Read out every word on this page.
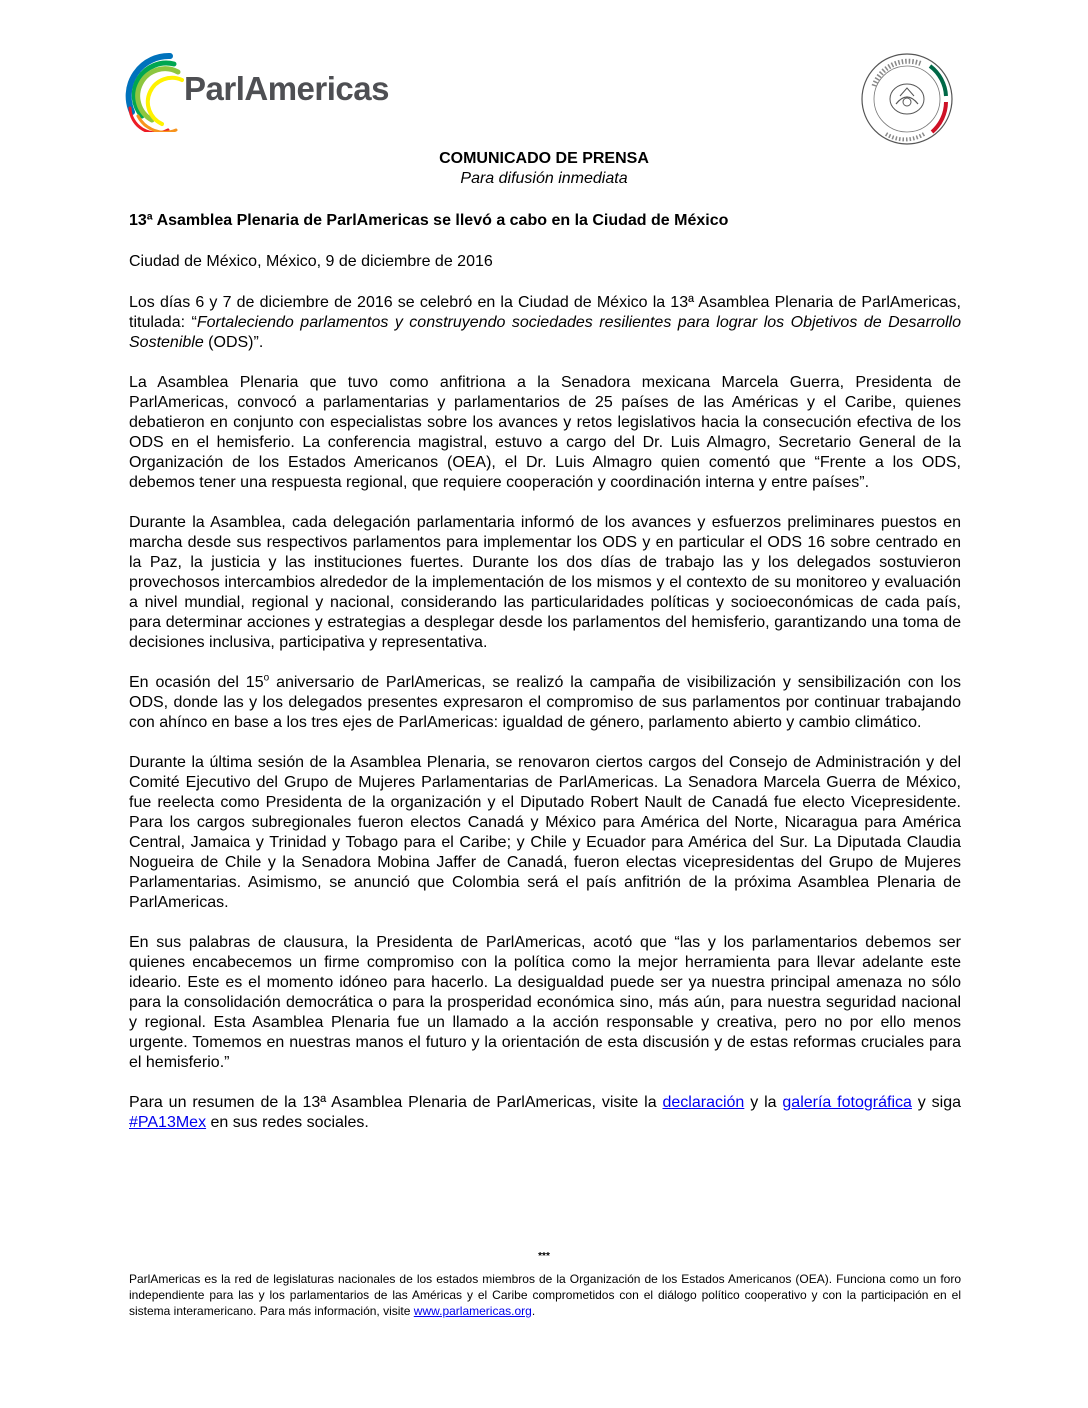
ParlAmericas
COMUNICADO DE PRENSA
Para difusión inmediata
13ª Asamblea Plenaria de ParlAmericas se llevó a cabo en la Ciudad de México

Ciudad de México, México, 9 de diciembre de 2016

Los días 6 y 7 de diciembre de 2016 se celebró en la Ciudad de México la 13ª Asamblea Plenaria de ParlAmericas, titulada: “Fortaleciendo parlamentos y construyendo sociedades resilientes para lograr los Objetivos de Desarrollo Sostenible (ODS)”.

La Asamblea Plenaria que tuvo como anfitriona a la Senadora mexicana Marcela Guerra, Presidenta de ParlAmericas, convocó a parlamentarias y parlamentarios de 25 países de las Américas y el Caribe, quienes debatieron en conjunto con especialistas sobre los avances y retos legislativos hacia la consecución efectiva de los ODS en el hemisferio. La conferencia magistral, estuvo a cargo del Dr. Luis Almagro, Secretario General de la Organización de los Estados Americanos (OEA), el Dr. Luis Almagro quien comentó que “Frente a los ODS, debemos tener una respuesta regional, que requiere cooperación y coordinación interna y entre países”.

Durante la Asamblea, cada delegación parlamentaria informó de los avances y esfuerzos preliminares puestos en marcha desde sus respectivos parlamentos para implementar los ODS y en particular el ODS 16 sobre centrado en la Paz, la justicia y las instituciones fuertes. Durante los dos días de trabajo las y los delegados sostuvieron provechosos intercambios alrededor de la implementación de los mismos y el contexto de su monitoreo y evaluación a nivel mundial, regional y nacional, considerando las particularidades políticas y socioeconómicas de cada país, para determinar acciones y estrategias a desplegar desde los parlamentos del hemisferio, garantizando una toma de decisiones inclusiva, participativa y representativa.

En ocasión del 15$^o$ aniversario de ParlAmericas, se realizó la campaña de visibilización y sensibilización con los ODS, donde las y los delegados presentes expresaron el compromiso de sus parlamentos por continuar trabajando con ahínco en base a los tres ejes de ParlAmericas: igualdad de género, parlamento abierto y cambio climático.

Durante la última sesión de la Asamblea Plenaria, se renovaron ciertos cargos del Consejo de Administración y del Comité Ejecutivo del Grupo de Mujeres Parlamentarias de ParlAmericas. La Senadora Marcela Guerra de México, fue reelecta como Presidenta de la organización y el Diputado Robert Nault de Canadá fue electo Vicepresidente. Para los cargos subregionales fueron electos Canadá y México para América del Norte, Nicaragua para América Central, Jamaica y Trinidad y Tobago para el Caribe; y Chile y Ecuador para América del Sur. La Diputada Claudia Nogueira de Chile y la Senadora Mobina Jaffer de Canadá, fueron electas vicepresidentas del Grupo de Mujeres Parlamentarias. Asimismo, se anunció que Colombia será el país anfitrión de la próxima Asamblea Plenaria de ParlAmericas.

En sus palabras de clausura, la Presidenta de ParlAmericas, acotó que “las y los parlamentarios debemos ser quienes encabecemos un firme compromiso con la política como la mejor herramienta para llevar adelante este ideario. Este es el momento idóneo para hacerlo. La desigualdad puede ser ya nuestra principal amenaza no sólo para la consolidación democrática o para la prosperidad económica sino, más aún, para nuestra seguridad nacional y regional. Esta Asamblea Plenaria fue un llamado a la acción responsable y creativa, pero no por ello menos urgente. Tomemos en nuestras manos el futuro y la orientación de esta discusión y de estas reformas cruciales para el hemisferio.”

Para un resumen de la 13ª Asamblea Plenaria de ParlAmericas, visite la declaración y la galería fotográfica y siga #PA13Mex en sus redes sociales.

***
ParlAmericas es la red de legislaturas nacionales de los estados miembros de la Organización de los Estados Americanos (OEA). Funciona como un foro independiente para las y los parlamentarios de las Américas y el Caribe comprometidos con el diálogo político cooperativo y con la participación en el sistema interamericano. Para más información, visite www.parlamericas.org.
